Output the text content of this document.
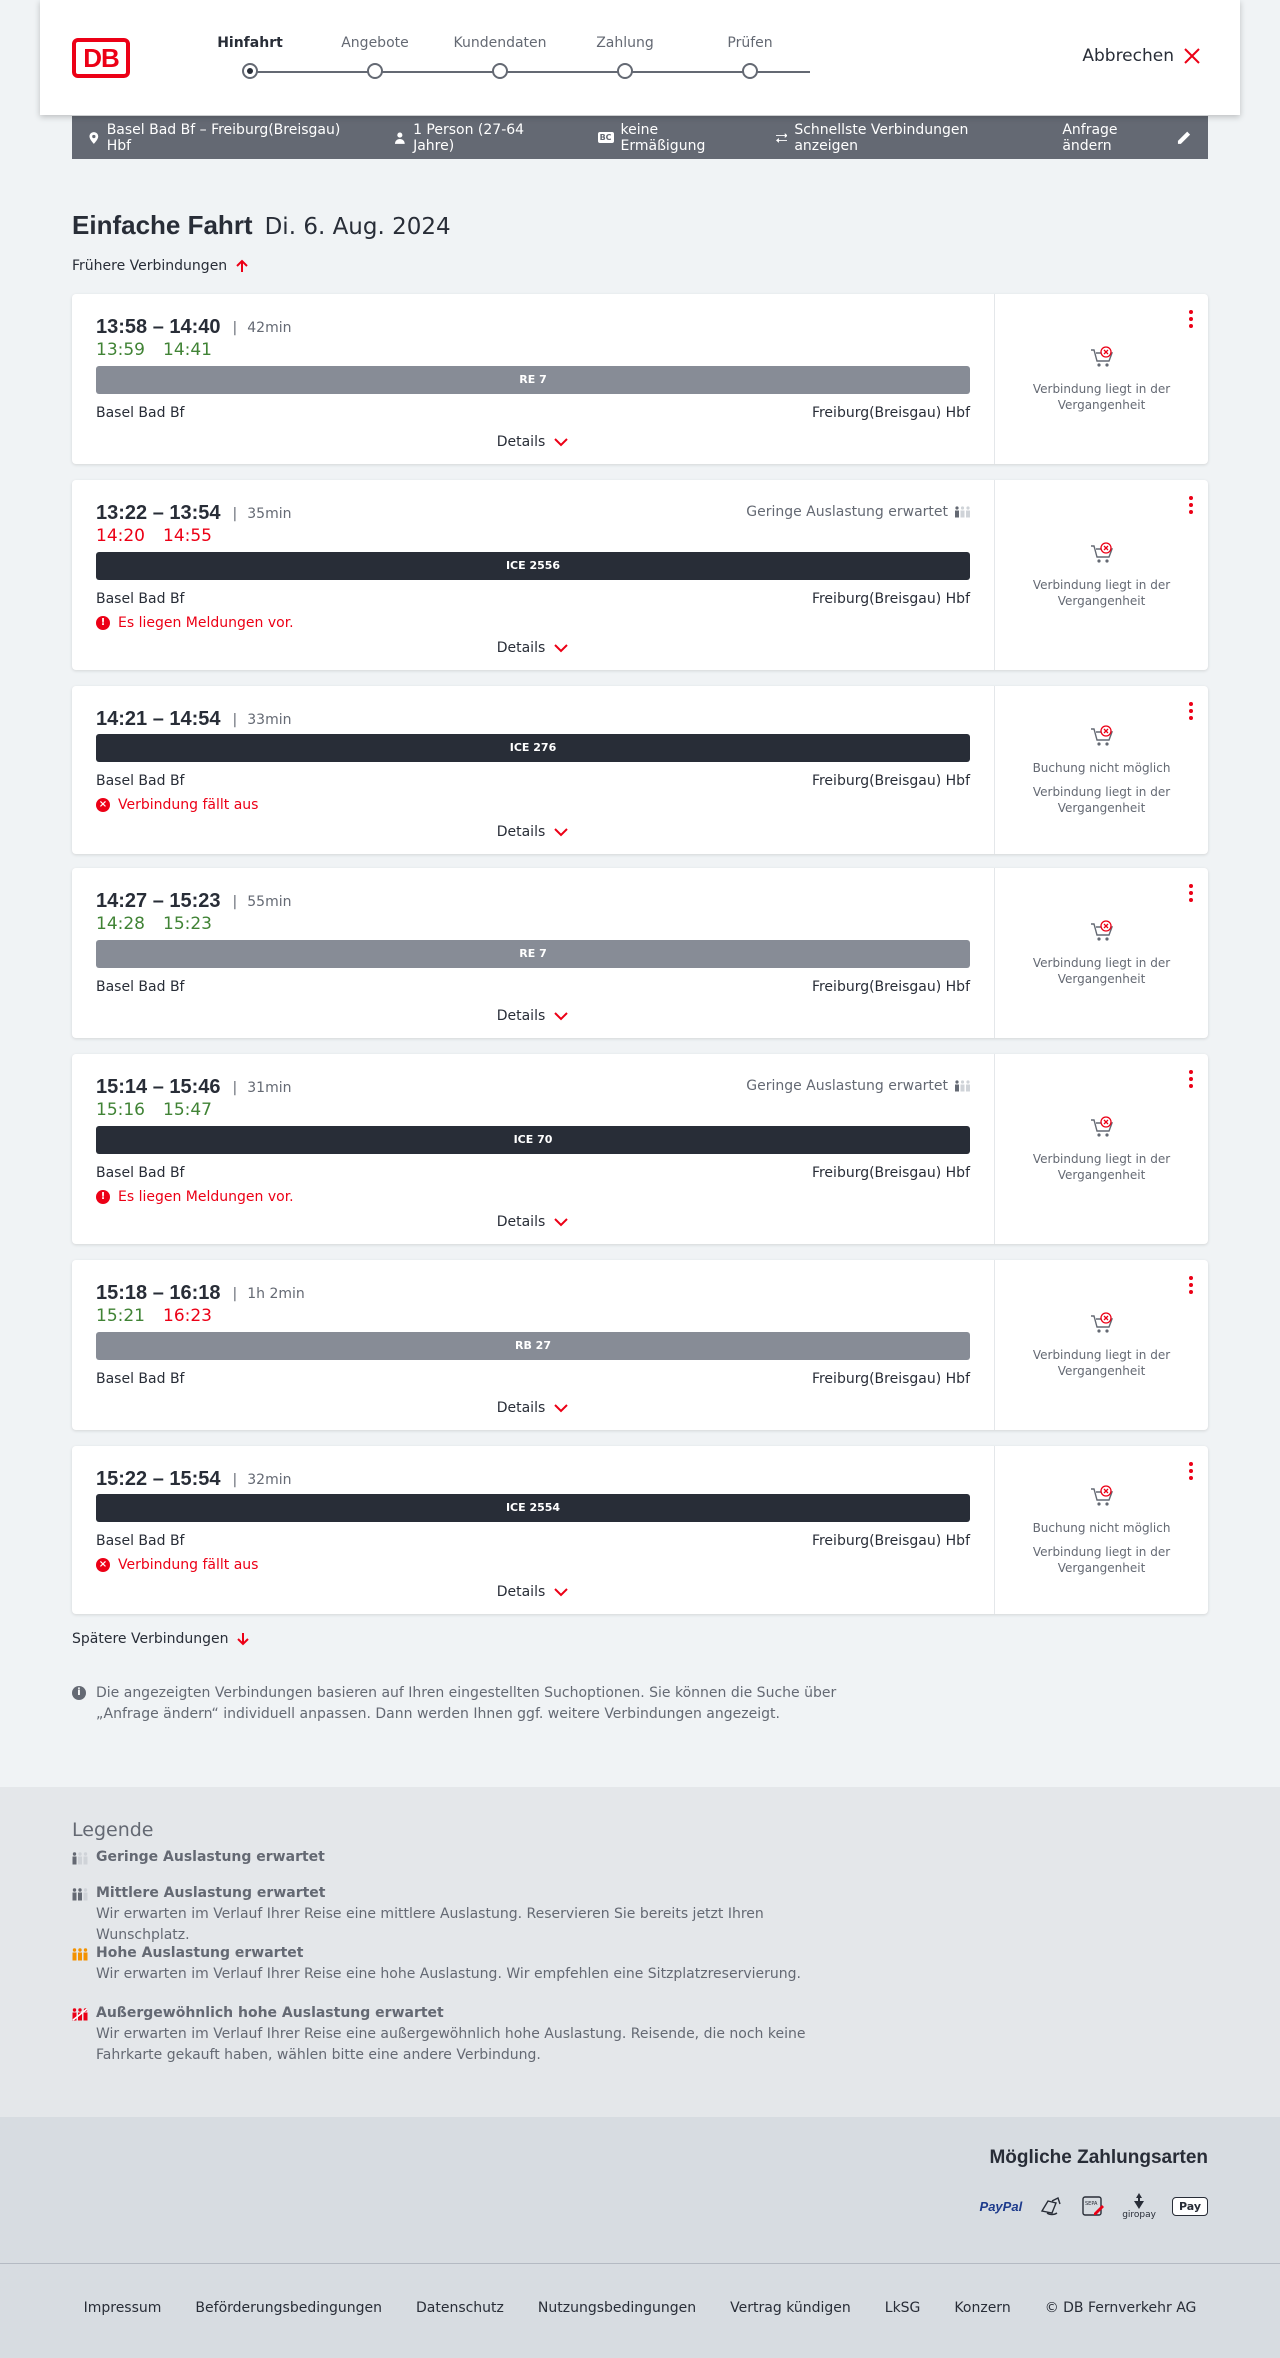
DB	Hinfahrt	Angebote	Kundendaten	Zahlung	Prüfen
Abbrechen
Basel Bad Bf – Freiburg(Breisgau) Hbf
1 Person (27-64 Jahre)	BC keine Ermäßigung
Schnellste Verbindungen anzeigen
Anfrage ändern
Einfache Fahrt Di. 6. Aug. 2024
Frühere Verbindungen
13:58 – 14:40 | 42min
13:59 14:41
RE 7
Basel Bad Bf	Freiburg(Breisgau) Hbf
Details

Verbindung liegt in der Vergangenheit

13:22 – 13:54 | 35min	Geringe Auslastung erwartet
14:20 14:55
ICE 2556
Basel Bad Bf	Freiburg(Breisgau) Hbf
! Es liegen Meldungen vor.
Details

Verbindung liegt in der Vergangenheit

14:21 – 14:54 | 33min
ICE 276
Basel Bad Bf	Freiburg(Breisgau) Hbf
× Verbindung fällt aus
Details

Buchung nicht möglich

Verbindung liegt in der Vergangenheit

14:27 – 15:23 | 55min
14:28 15:23
RE 7
Basel Bad Bf	Freiburg(Breisgau) Hbf
Details

Verbindung liegt in der Vergangenheit

15:14 – 15:46 | 31min	Geringe Auslastung erwartet
15:16 15:47
ICE 70
Basel Bad Bf	Freiburg(Breisgau) Hbf
! Es liegen Meldungen vor.
Details

Verbindung liegt in der Vergangenheit

15:18 – 16:18 | 1h 2min
15:21 16:23
RB 27
Basel Bad Bf	Freiburg(Breisgau) Hbf
Details

Verbindung liegt in der Vergangenheit

15:22 – 15:54 | 32min
ICE 2554
Basel Bad Bf	Freiburg(Breisgau) Hbf
× Verbindung fällt aus
Details

Buchung nicht möglich

Verbindung liegt in der Vergangenheit

Spätere Verbindungen
i	Die angezeigten Verbindungen basieren auf Ihren eingestellten Suchoptionen. Sie können die Suche über „Anfrage ändern“ individuell anpassen. Dann werden Ihnen ggf. weitere Verbindungen angezeigt.
Legende
Geringe Auslastung erwartet
Mittlere Auslastung erwartet
Wir erwarten im Verlauf Ihrer Reise eine mittlere Auslastung. Reservieren Sie bereits jetzt Ihren Wunschplatz.
Hohe Auslastung erwartet
Wir erwarten im Verlauf Ihrer Reise eine hohe Auslastung. Wir empfehlen eine Sitzplatzreservierung.
Außergewöhnlich hohe Auslastung erwartet
Wir erwarten im Verlauf Ihrer Reise eine außergewöhnlich hohe Auslastung. Reisende, die noch keine Fahrkarte gekauft haben, wählen bitte eine andere Verbindung.
Mögliche Zahlungsarten
PayPal	SEPA
giropay
Pay
Impressum Beförderungsbedingungen Datenschutz Nutzungsbedingungen Vertrag kündigen LkSG Konzern © DB Fernverkehr AG
